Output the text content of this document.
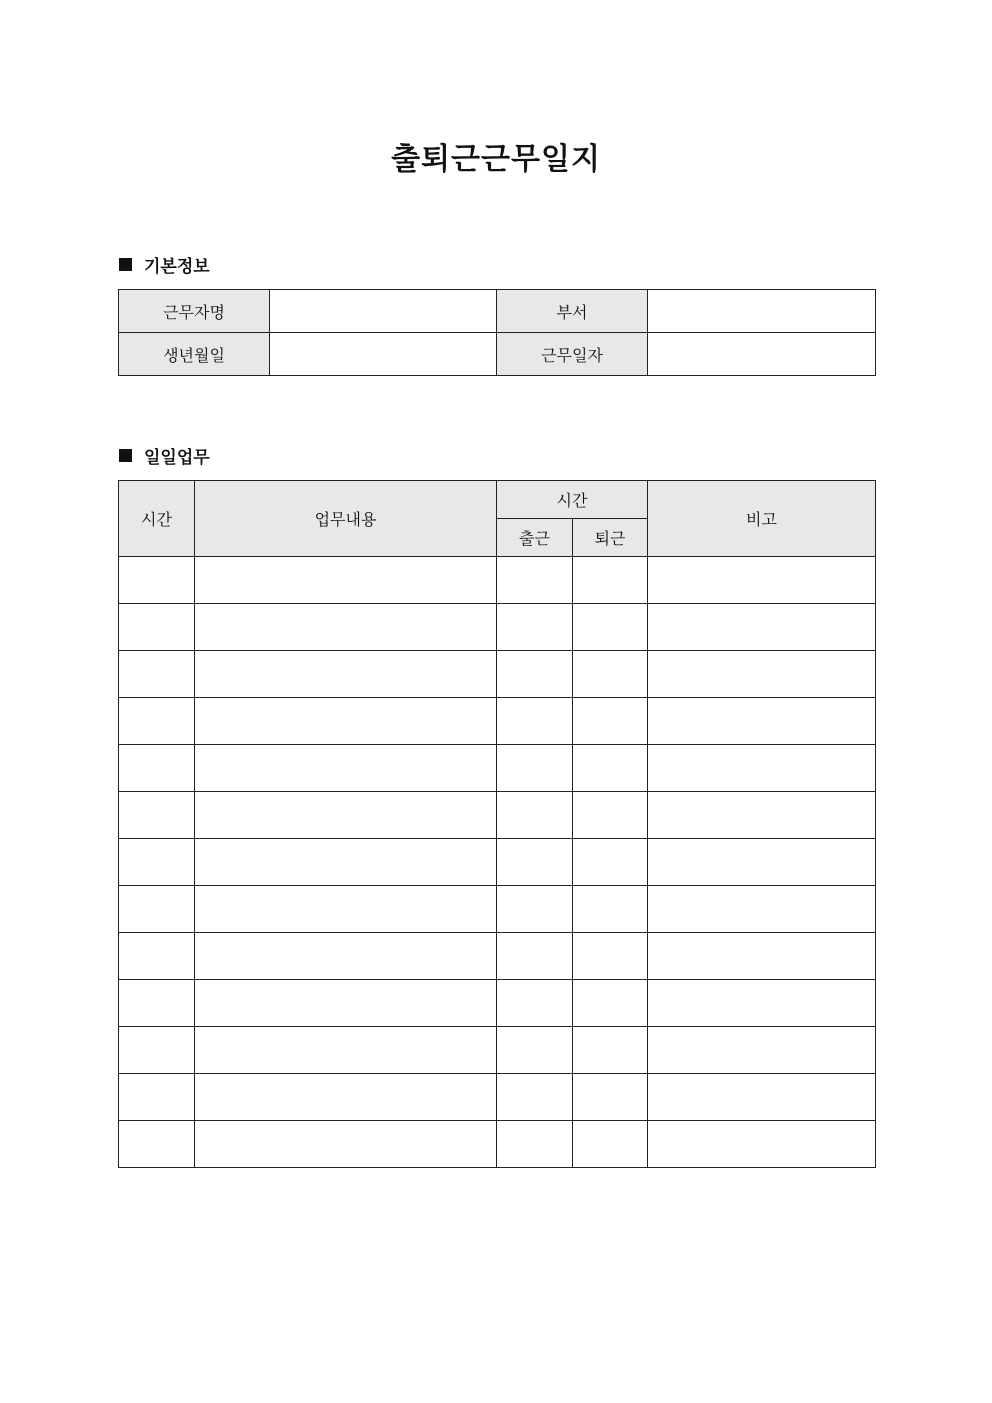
출퇴근근무일지
기본정보
근무자명		부서	
생년월일		근무일자	
일일업무
시간	업무내용	시간		비고
		출근	퇴근	
